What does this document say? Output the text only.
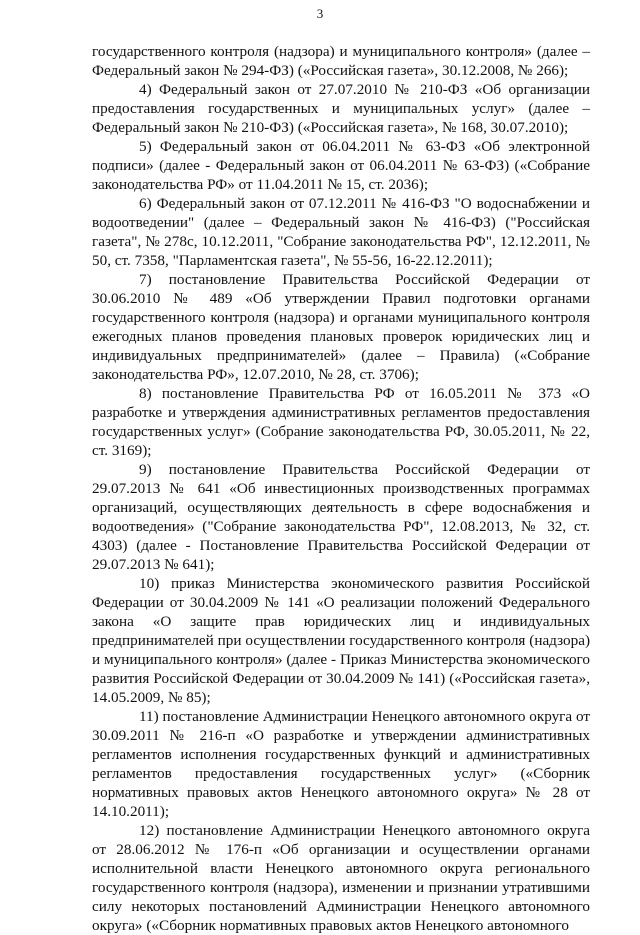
3

государственного контроля (надзора) и муниципального контроля» (далее – Федеральный закон № 294-ФЗ) («Российская газета», 30.12.2008, № 266);

4) Федеральный закон от 27.07.2010 № 210-ФЗ «Об организации предоставления государственных и муниципальных услуг» (далее – Федеральный закон № 210-ФЗ) («Российская газета», № 168, 30.07.2010);

5) Федеральный закон от 06.04.2011 № 63-ФЗ «Об электронной подписи» (далее - Федеральный закон от 06.04.2011 № 63-ФЗ) («Собрание законодательства РФ» от 11.04.2011 № 15, ст. 2036);

6) Федеральный закон от 07.12.2011 № 416-ФЗ "О водоснабжении и водоотведении" (далее – Федеральный закон № 416-ФЗ) ("Российская газета", № 278с, 10.12.2011, "Собрание законодательства РФ", 12.12.2011, № 50, ст. 7358, "Парламентская газета", № 55-56, 16-22.12.2011);

7) постановление Правительства Российской Федерации от 30.06.2010 № 489 «Об утверждении Правил подготовки органами государственного контроля (надзора) и органами муниципального контроля ежегодных планов проведения плановых проверок юридических лиц и индивидуальных предпринимателей» (далее – Правила) («Собрание законодательства РФ», 12.07.2010, № 28, ст. 3706);

8) постановление Правительства РФ от 16.05.2011 № 373 «О разработке и утверждения административных регламентов предоставления государственных услуг» (Собрание законодательства РФ, 30.05.2011, № 22, ст. 3169);

9) постановление Правительства Российской Федерации от 29.07.2013 № 641 «Об инвестиционных производственных программах организаций, осуществляющих деятельность в сфере водоснабжения и водоотведения» ("Собрание законодательства РФ", 12.08.2013, № 32, ст. 4303) (далее - Постановление Правительства Российской Федерации от 29.07.2013 № 641);

10) приказ Министерства экономического развития Российской Федерации от 30.04.2009 № 141 «О реализации положений Федерального закона «О защите прав юридических лиц и индивидуальных предпринимателей при осуществлении государственного контроля (надзора) и муниципального контроля» (далее - Приказ Министерства экономического развития Российской Федерации от 30.04.2009 № 141) («Российская газета», 14.05.2009, № 85);

11) постановление Администрации Ненецкого автономного округа от 30.09.2011 № 216-п «О разработке и утверждении административных регламентов исполнения государственных функций и административных регламентов предоставления государственных услуг» («Сборник нормативных правовых актов Ненецкого автономного округа» № 28 от 14.10.2011);

12) постановление Администрации Ненецкого автономного округа от 28.06.2012 № 176-п «Об организации и осуществлении органами исполнительной власти Ненецкого автономного округа регионального государственного контроля (надзора), изменении и признании утратившими силу некоторых постановлений Администрации Ненецкого автономного округа» («Сборник нормативных правовых актов Ненецкого автономного
